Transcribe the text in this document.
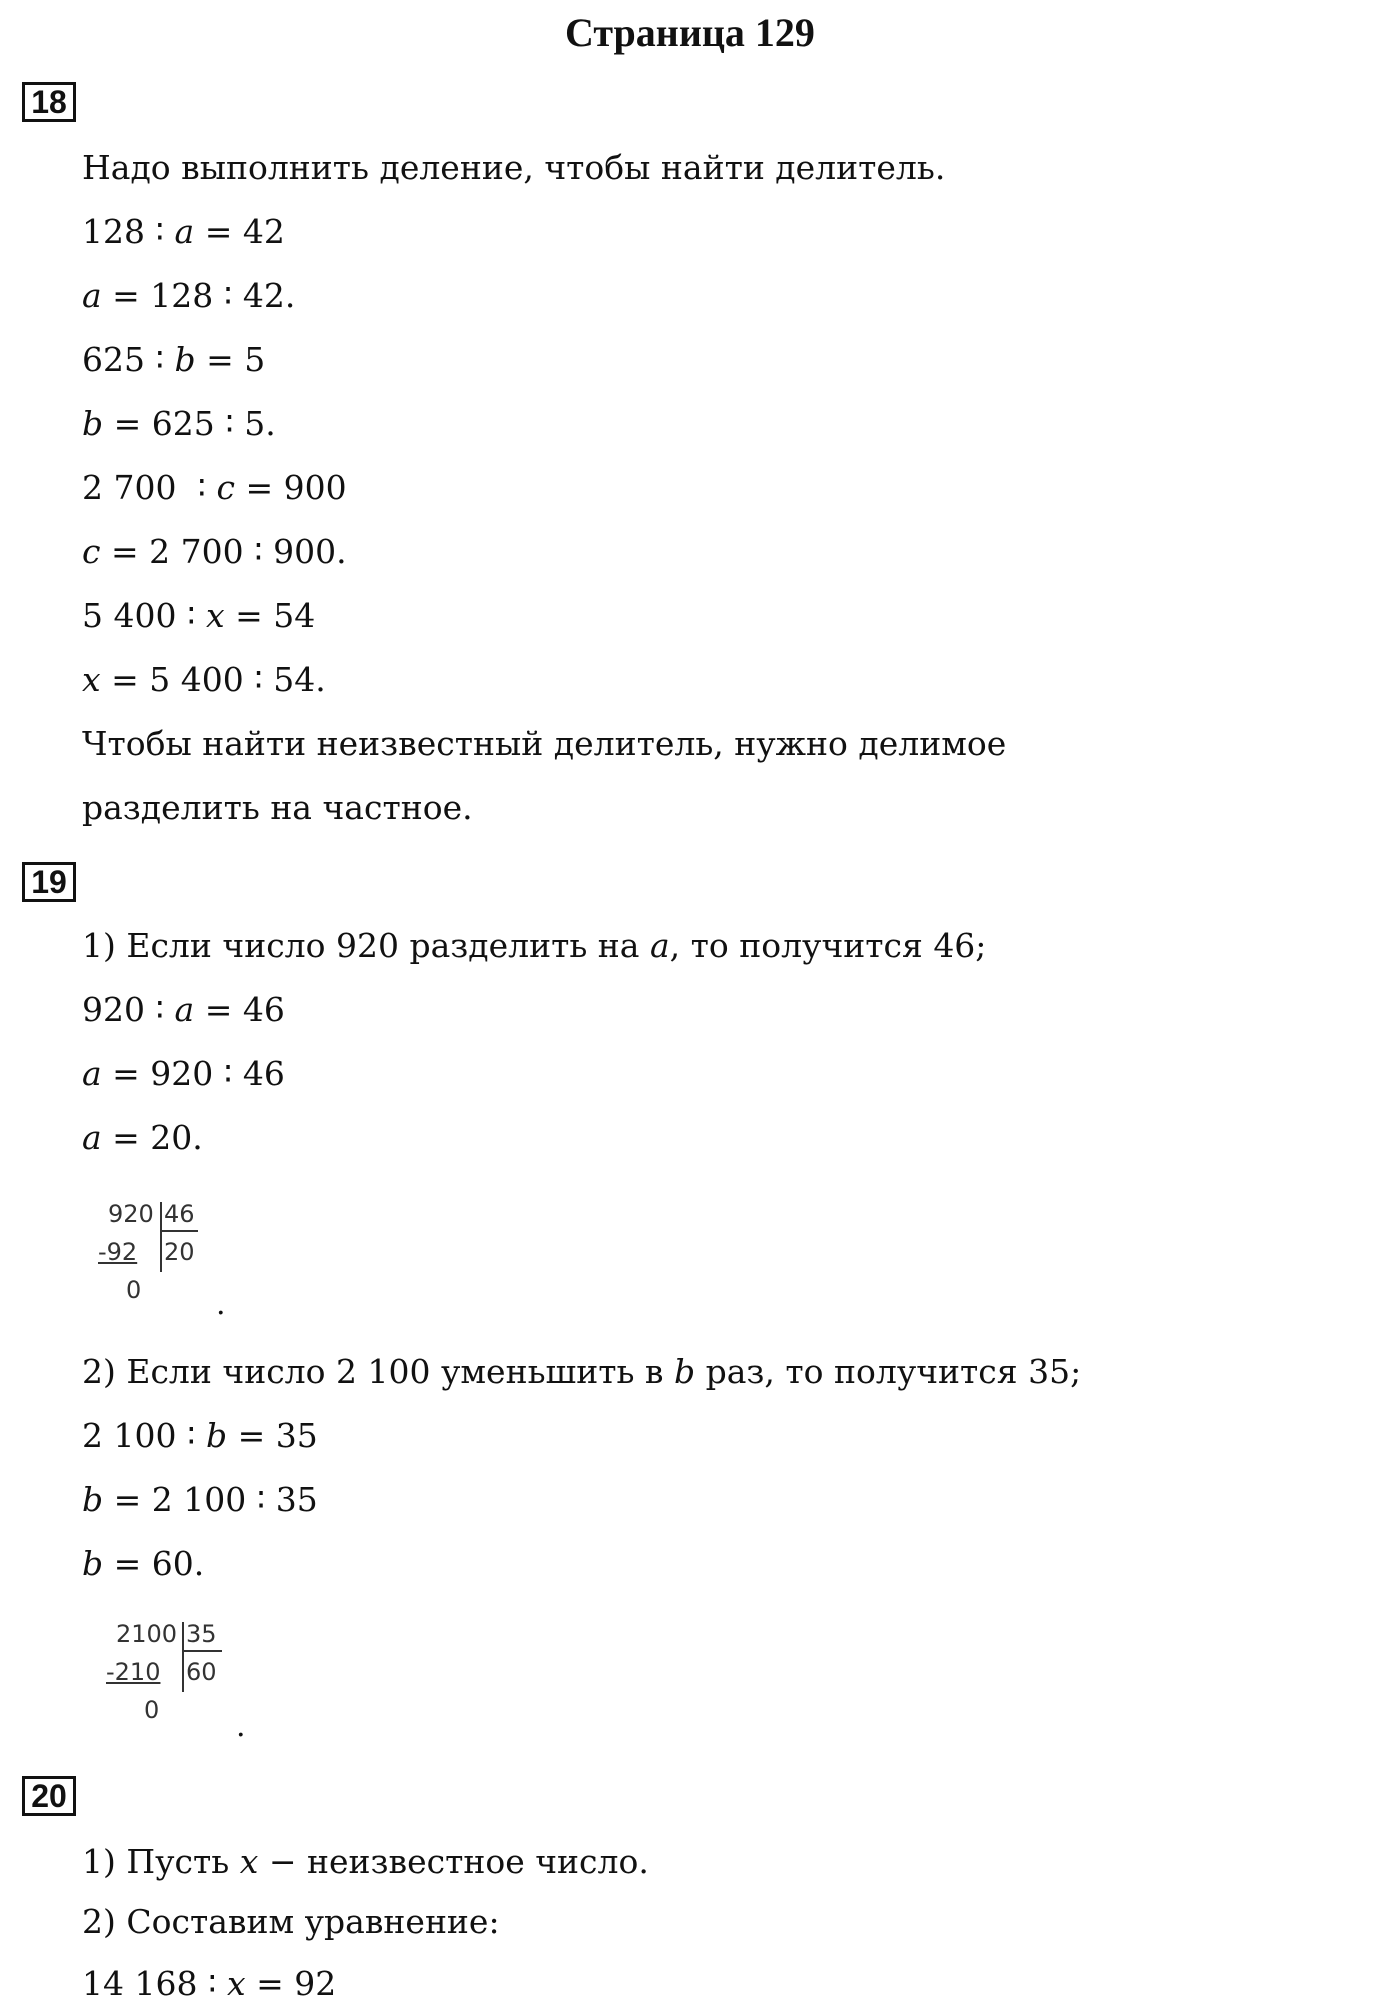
Страница 129
18
Надо выполнить деление, чтобы найти делитель.
128 ∶ 𝑎 = 42
𝑎 = 128 ∶ 42.
625 ∶ 𝑏 = 5
𝑏 = 625 ∶ 5.
2 700  ∶ 𝑐 = 900
𝑐 = 2 700 ∶ 900.
5 400 ∶ 𝑥 = 54
𝑥 = 5 400 ∶ 54.
Чтобы найти неизвестный делитель, нужно делимое
разделить на частное.
19
1) Если число 920 разделить на 𝑎, то получится 46;
920 ∶ 𝑎 = 46
𝑎 = 920 ∶ 46
𝑎 = 20.
920 46
-92 20
0 .
2) Если число 2 100 уменьшить в 𝑏 раз, то получится 35;
2 100 ∶ 𝑏 = 35
𝑏 = 2 100 ∶ 35
𝑏 = 60.
2100 35
-210 60
0	.
20
1) Пусть 𝑥 − неизвестное число.
2) Составим уравнение:
14 168 ∶ 𝑥 = 92
